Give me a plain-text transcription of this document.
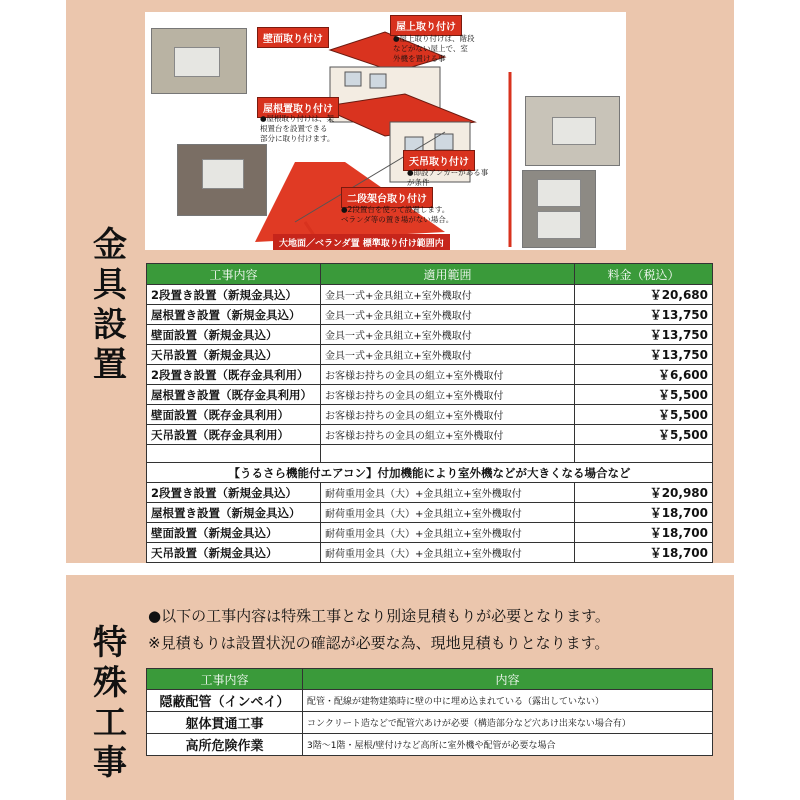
金具設置
壁面取り付け
屋上取り付け
屋根置取り付け
天吊取り付け
二段架台取り付け
●屋上取り付けは、階段
などがない屋上で、室
外機を置ける事
●屋根取り付けは、架
根置台を設置できる
部分に取り付けます。
●即設アンカーがある事
が条件
●2段置台を使って設置します。
ベランダ等の置き場がない場合。
大地面／ベランダ置 標準取り付け範囲内
工事内容	適用範囲	料金（税込）
2段置き設置（新規金具込）	金具一式+金具組立+室外機取付	￥20,680
屋根置き設置（新規金具込）	金具一式+金具組立+室外機取付	￥13,750
壁面設置（新規金具込）	金具一式+金具組立+室外機取付	￥13,750
天吊設置（新規金具込）	金具一式+金具組立+室外機取付	￥13,750
2段置き設置（既存金具利用）	お客様お持ちの金具の組立+室外機取付	￥6,600
屋根置き設置（既存金具利用）	お客様お持ちの金具の組立+室外機取付	￥5,500
壁面設置（既存金具利用）	お客様お持ちの金具の組立+室外機取付	￥5,500
天吊設置（既存金具利用）	お客様お持ちの金具の組立+室外機取付	￥5,500

【うるさら機能付エアコン】付加機能により室外機などが大きくなる場合など		
2段置き設置（新規金具込）	耐荷重用金具（大）+金具組立+室外機取付	￥20,980
屋根置き設置（新規金具込）	耐荷重用金具（大）+金具組立+室外機取付	￥18,700
壁面設置（新規金具込）	耐荷重用金具（大）+金具組立+室外機取付	￥18,700
天吊設置（新規金具込）	耐荷重用金具（大）+金具組立+室外機取付	￥18,700
特殊工事
●以下の工事内容は特殊工事となり別途見積もりが必要となります。
※見積もりは設置状況の確認が必要な為、現地見積もりとなります。
工事内容	内容
隠蔽配管（インペイ）	配管・配線が建物建築時に壁の中に埋め込まれている（露出していない）
躯体貫通工事	コンクリート造などで配管穴あけが必要（構造部分など穴あけ出来ない場合有）
高所危険作業	3階〜1階・屋根/壁付けなど高所に室外機や配管が必要な場合
